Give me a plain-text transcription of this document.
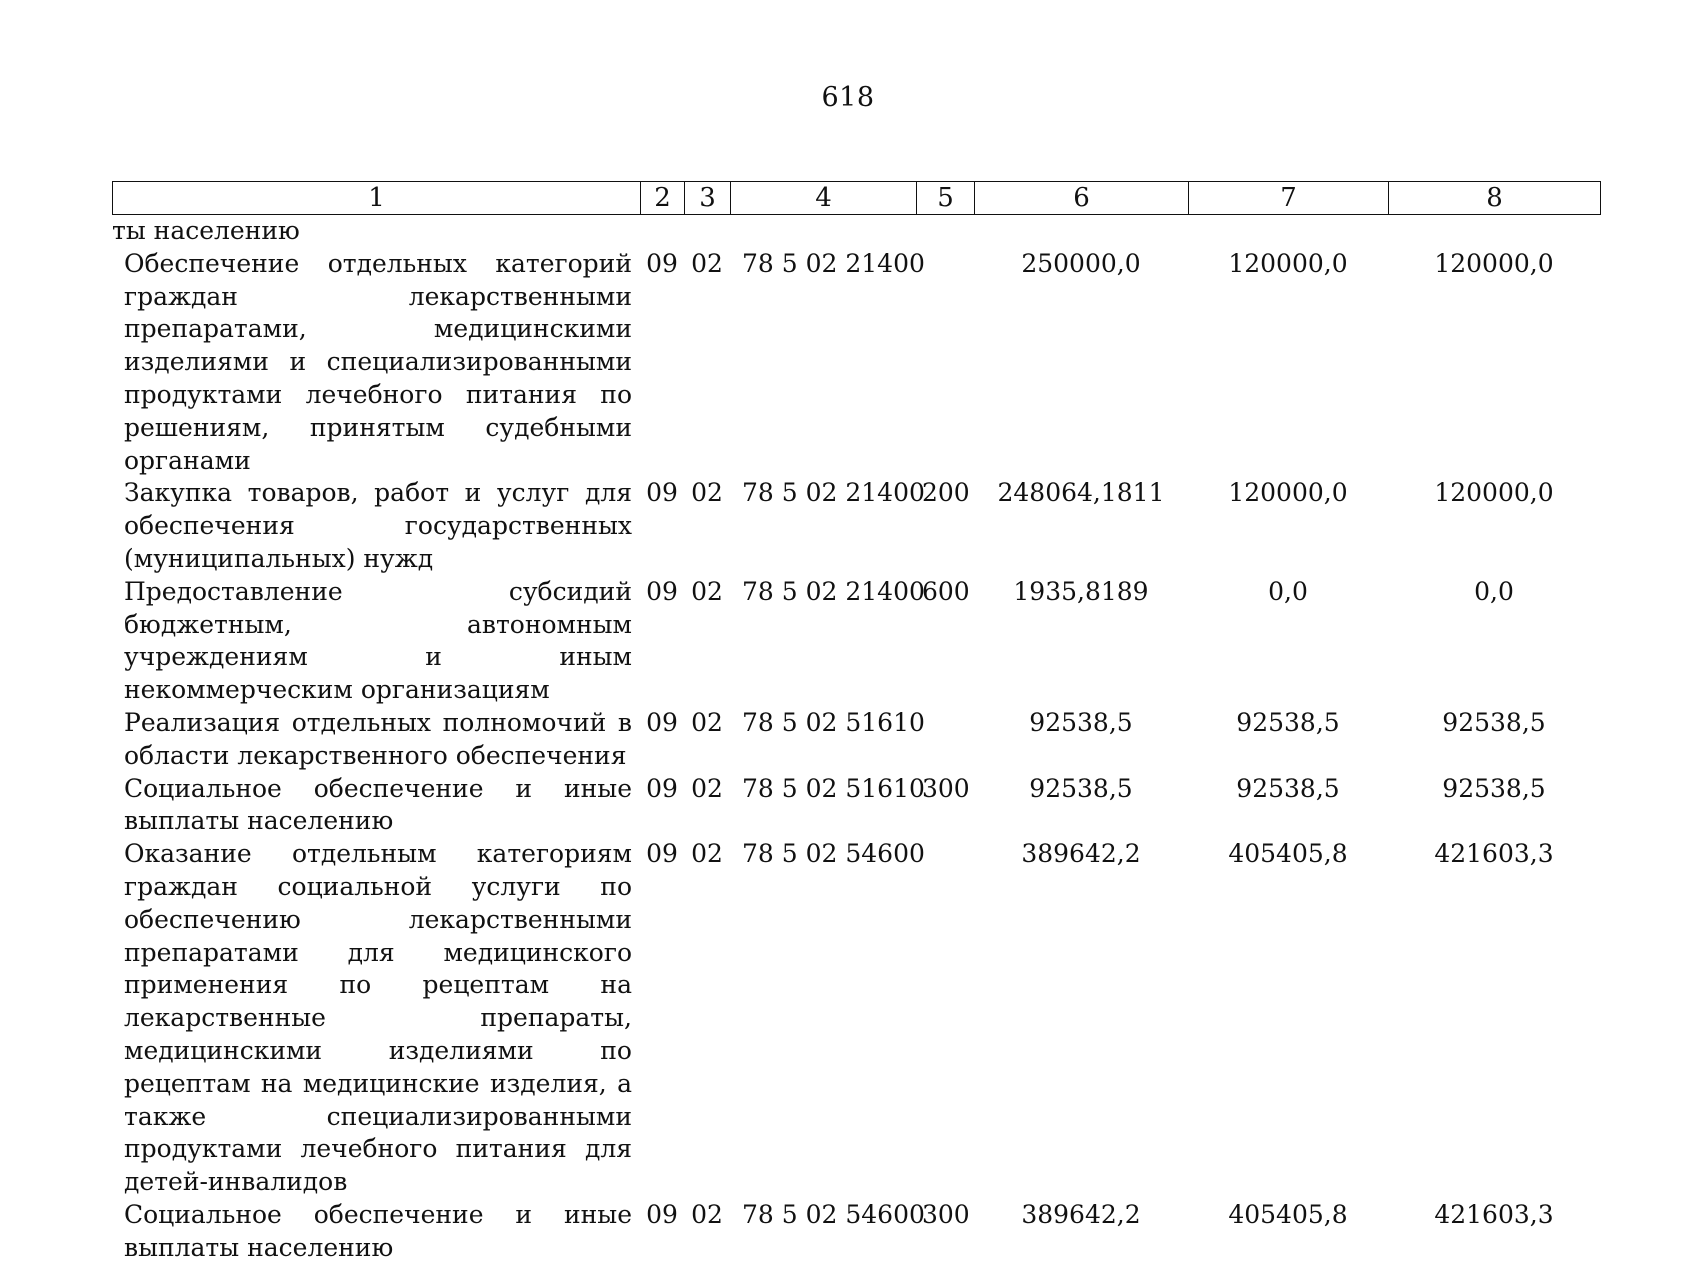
618
1	2	3	4	5	6	7	8
ты населению							
Обеспечение отдельных категорий граждан лекарственными препаратами, медицинскими изделиями и специализированными продуктами лечебного питания по решениям, принятым судебными органами	09	02	78 5 02 21400		250000,0	120000,0	120000,0
Закупка товаров, работ и услуг для обеспечения государственных (муниципальных) нужд	09	02	78 5 02 21400	200	248064,1811	120000,0	120000,0
Предоставление субсидий бюджетным, автономным учреждениям и иным некоммерческим организациям	09	02	78 5 02 21400	600	1935,8189	0,0	0,0
Реализация отдельных полномочий в области лекарственного обеспечения	09	02	78 5 02 51610		92538,5	92538,5	92538,5
Социальное обеспечение и иные выплаты населению	09	02	78 5 02 51610	300	92538,5	92538,5	92538,5
Оказание отдельным категориям граждан социальной услуги по обеспечению лекарственными препаратами для медицинского применения по рецептам на лекарственные препараты, медицинскими изделиями по рецептам на медицинские изделия, а также специализированными продуктами лечебного питания для детей-инвалидов	09	02	78 5 02 54600		389642,2	405405,8	421603,3
Социальное обеспечение и иные выплаты населению	09	02	78 5 02 54600	300	389642,2	405405,8	421603,3
